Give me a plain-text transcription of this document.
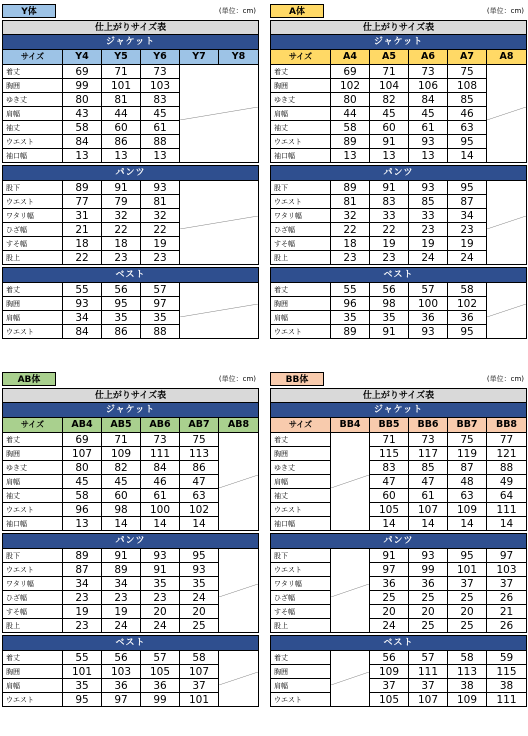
Y体	(単位：cm)
仕上がりサイズ表					
ジャケット					
サイズ	Y4	Y5	Y6	Y7	Y8
着丈	69	71	73	

胸囲	99	101	103		
ゆき丈	80	81	83		
肩幅	43	44	45		
袖丈	58	60	61		
ウエスト	84	86	88		
袖口幅	13	13	13		

パンツ					
股下	89	91	93	

ウエスト	77	79	81		
ワタリ幅	31	32	32		
ひざ幅	21	22	22		
すそ幅	18	18	19		
股上	22	23	23		

ベスト					
着丈	55	56	57	

胸囲	93	95	97		
肩幅	34	35	35		
ウエスト	84	86	88		
A体	(単位：cm)
仕上がりサイズ表					
ジャケット					
サイズ	A4	A5	A6	A7	A8
着丈	69	71	73	75	

胸囲	102	104	106	108	
ゆき丈	80	82	84	85	
肩幅	44	45	45	46	
袖丈	58	60	61	63	
ウエスト	89	91	93	95	
袖口幅	13	13	13	14	

パンツ					
股下	89	91	93	95	

ウエスト	81	83	85	87	
ワタリ幅	32	33	33	34	
ひざ幅	22	22	23	23	
すそ幅	18	19	19	19	
股上	23	23	24	24	

ベスト					
着丈	55	56	57	58	

胸囲	96	98	100	102	
肩幅	35	35	36	36	
ウエスト	89	91	93	95	
AB体	(単位：cm)
仕上がりサイズ表					
ジャケット					
サイズ	AB4	AB5	AB6	AB7	AB8
着丈	69	71	73	75	

胸囲	107	109	111	113	
ゆき丈	80	82	84	86	
肩幅	45	45	46	47	
袖丈	58	60	61	63	
ウエスト	96	98	100	102	
袖口幅	13	14	14	14	

パンツ					
股下	89	91	93	95	

ウエスト	87	89	91	93	
ワタリ幅	34	34	35	35	
ひざ幅	23	23	23	24	
すそ幅	19	19	20	20	
股上	23	24	24	25	

ベスト					
着丈	55	56	57	58	

胸囲	101	103	105	107	
肩幅	35	36	36	37	
ウエスト	95	97	99	101	
BB体	(単位：cm)
仕上がりサイズ表					
ジャケット					
サイズ	BB4	BB5	BB6	BB7	BB8
着丈		71	73	75	77
胸囲		115	117	119	121
ゆき丈		83	85	87	88
肩幅		47	47	48	49
袖丈		60	61	63	64
ウエスト		105	107	109	111
袖口幅		14	14	14	14

パンツ					
股下		91	93	95	97
ウエスト		97	99	101	103
ワタリ幅		36	36	37	37
ひざ幅		25	25	25	26
すそ幅		20	20	20	21
股上		24	25	25	26

ベスト					
着丈		56	57	58	59
胸囲		109	111	113	115
肩幅		37	37	38	38
ウエスト		105	107	109	111
